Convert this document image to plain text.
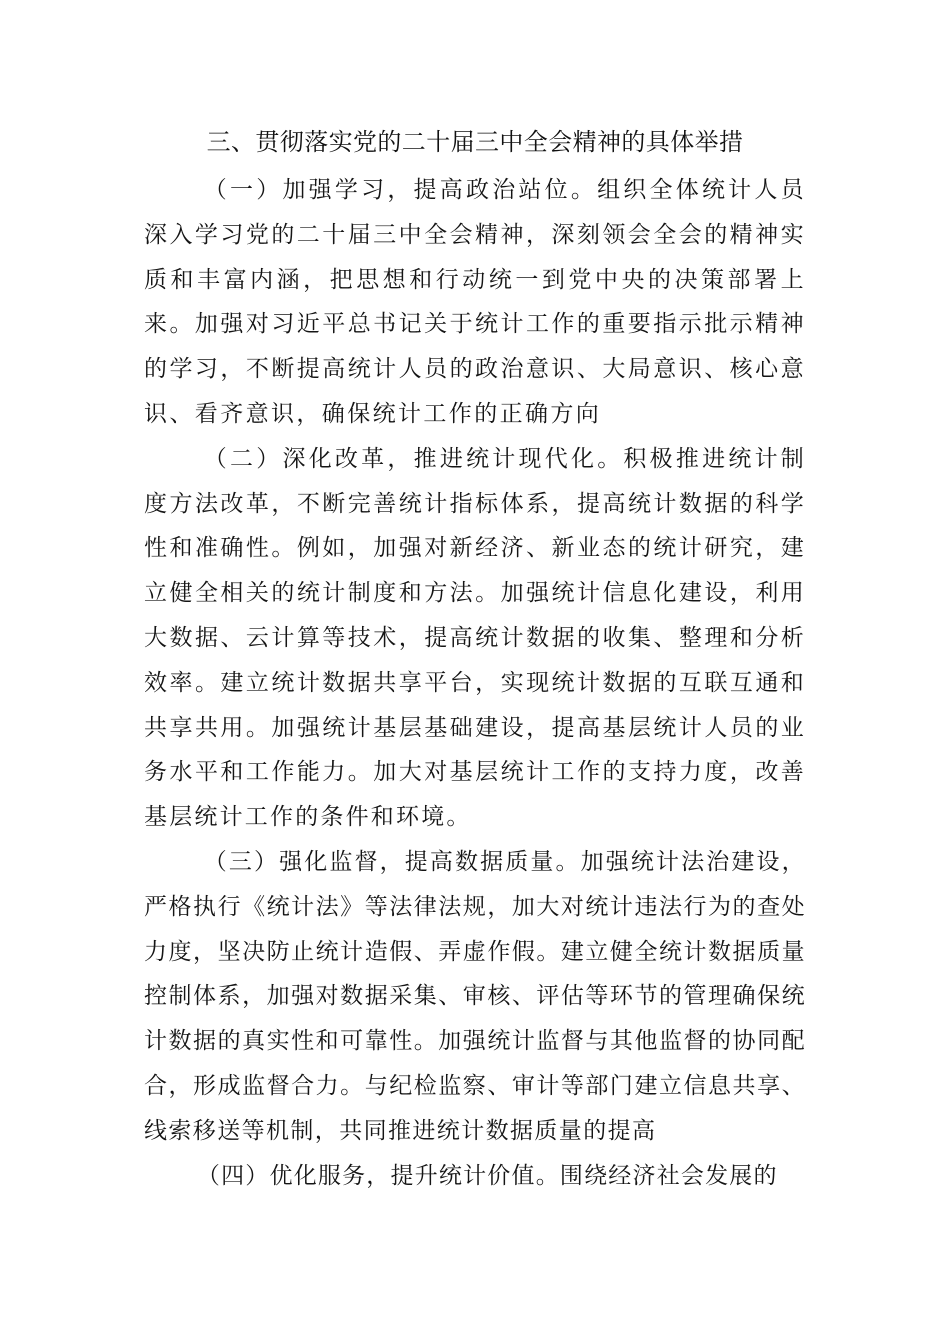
三、贯彻落实党的二十届三中全会精神的具体举措

（一）加强学习，提高政治站位。组织全体统计人员深入学习党的二十届三中全会精神，深刻领会全会的精神实质和丰富内涵，把思想和行动统一到党中央的决策部署上来。加强对习近平总书记关于统计工作的重要指示批示精神的学习，不断提高统计人员的政治意识、大局意识、核心意识、看齐意识，确保统计工作的正确方向

（二）深化改革，推进统计现代化。积极推进统计制度方法改革，不断完善统计指标体系，提高统计数据的科学性和准确性。例如，加强对新经济、新业态的统计研究，建立健全相关的统计制度和方法。加强统计信息化建设，利用大数据、云计算等技术，提高统计数据的收集、整理和分析效率。建立统计数据共享平台，实现统计数据的互联互通和共享共用。加强统计基层基础建设，提高基层统计人员的业务水平和工作能力。加大对基层统计工作的支持力度，改善基层统计工作的条件和环境。

（三）强化监督，提高数据质量。加强统计法治建设，严格执行《统计法》等法律法规，加大对统计违法行为的查处力度，坚决防止统计造假、弄虚作假。建立健全统计数据质量控制体系，加强对数据采集、审核、评估等环节的管理确保统计数据的真实性和可靠性。加强统计监督与其他监督的协同配合，形成监督合力。与纪检监察、审计等部门建立信息共享、线索移送等机制，共同推进统计数据质量的提高

（四）优化服务，提升统计价值。围绕经济社会发展的
